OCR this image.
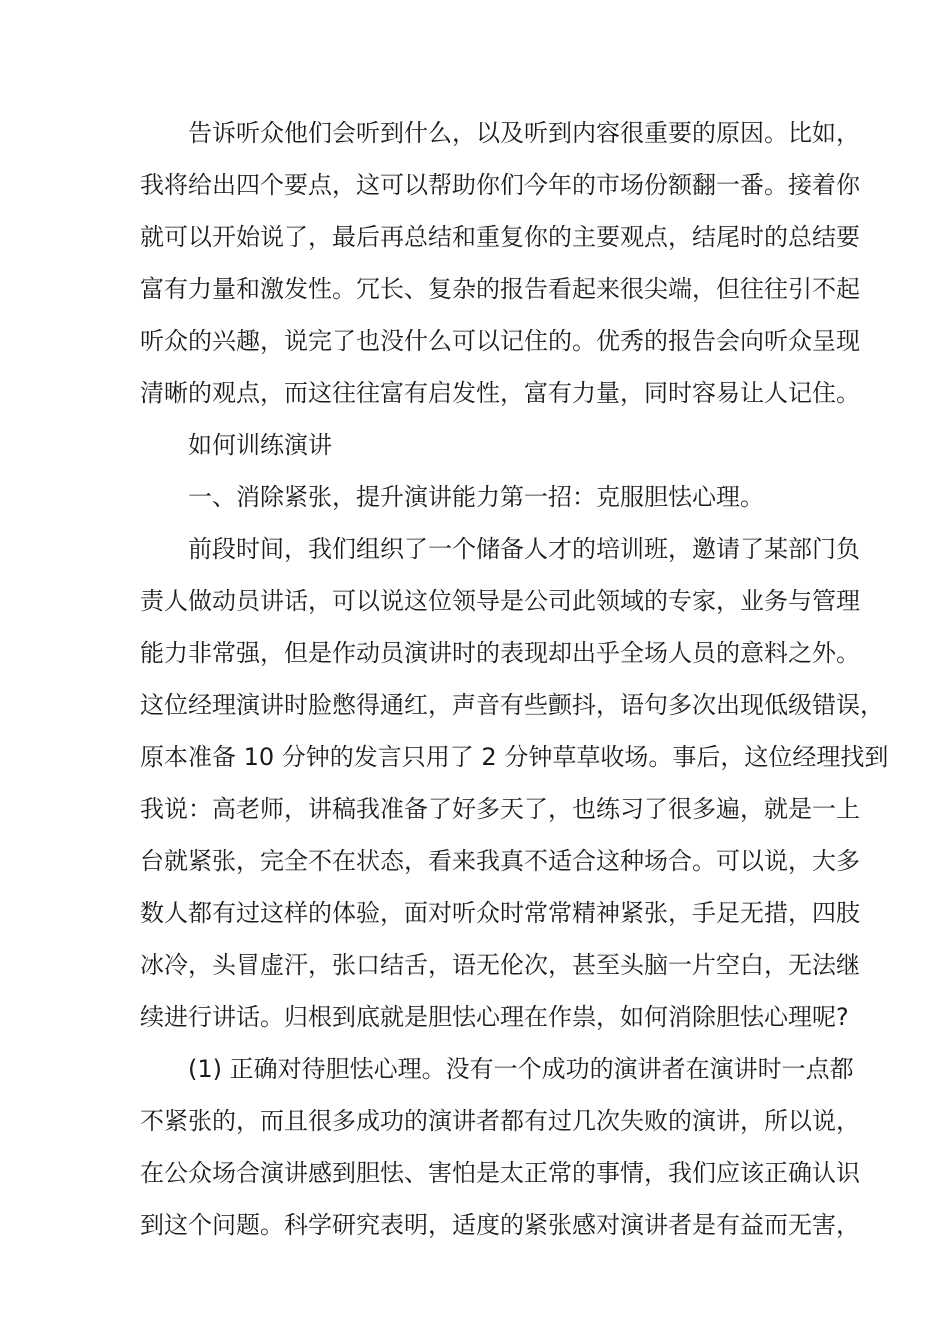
告诉听众他们会听到什么，以及听到内容很重要的原因。比如，

我将给出四个要点，这可以帮助你们今年的市场份额翻一番。接着你

就可以开始说了，最后再总结和重复你的主要观点，结尾时的总结要

富有力量和激发性。冗长、复杂的报告看起来很尖端，但往往引不起

听众的兴趣，说完了也没什么可以记住的。优秀的报告会向听众呈现

清晰的观点，而这往往富有启发性，富有力量，同时容易让人记住。

如何训练演讲

一、消除紧张，提升演讲能力第一招：克服胆怯心理。

前段时间，我们组织了一个储备人才的培训班，邀请了某部门负

责人做动员讲话，可以说这位领导是公司此领域的专家，业务与管理

能力非常强，但是作动员演讲时的表现却出乎全场人员的意料之外。

这位经理演讲时脸憋得通红，声音有些颤抖，语句多次出现低级错误，

原本准备 10 分钟的发言只用了 2 分钟草草收场。事后，这位经理找到

我说：高老师，讲稿我准备了好多天了，也练习了很多遍，就是一上

台就紧张，完全不在状态，看来我真不适合这种场合。可以说，大多

数人都有过这样的体验，面对听众时常常精神紧张，手足无措，四肢

冰冷，头冒虚汗，张口结舌，语无伦次，甚至头脑一片空白，无法继

续进行讲话。归根到底就是胆怯心理在作祟，如何消除胆怯心理呢?

(1) 正确对待胆怯心理。没有一个成功的演讲者在演讲时一点都

不紧张的，而且很多成功的演讲者都有过几次失败的演讲，所以说，

在公众场合演讲感到胆怯、害怕是太正常的事情，我们应该正确认识

到这个问题。科学研究表明，适度的紧张感对演讲者是有益而无害，
